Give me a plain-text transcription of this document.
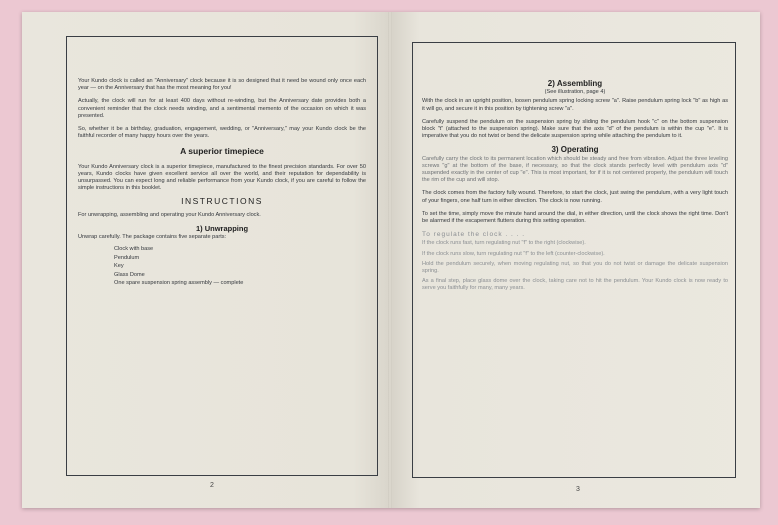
Your Kundo clock is called an "Anniversary" clock because it is so designed that it need be wound only once each year — on the Anniversary that has the most meaning for you!

Actually, the clock will run for at least 400 days without re-winding, but the Anniversary date provides both a convenient reminder that the clock needs winding, and a sentimental memento of the occasion on which it was presented.

So, whether it be a birthday, graduation, engagement, wedding, or "Anniversary," may your Kundo clock be the faithful recorder of many happy hours over the years.

A superior timepiece

Your Kundo Anniversary clock is a superior timepiece, manufactured to the finest precision standards. For over 50 years, Kundo clocks have given excellent service all over the world, and their reputation for dependability is unsurpassed. You can expect long and reliable performance from your Kundo clock, if you are careful to follow the simple instructions in this booklet.

INSTRUCTIONS

For unwrapping, assembling and operating your Kundo Anniversary clock.

1) Unwrapping

Unwrap carefully. The package contains five separate parts:

Clock with base
Pendulum
Key
Glass Dome
One spare suspension spring assembly — complete
2
2) Assembling
(See illustration, page 4)

With the clock in an upright position, loosen pendulum spring locking screw "a". Raise pendulum spring lock "b" as high as it will go, and secure it in this position by tightening screw "a".

Carefully suspend the pendulum on the suspension spring by sliding the pendulum hook "c" on the bottom suspension block "t" (attached to the suspension spring). Make sure that the axis "d" of the pendulum is within the cup "e". It is imperative that you do not twist or bend the delicate suspension spring while attaching the pendulum to it.

3) Operating

Carefully carry the clock to its permanent location which should be steady and free from vibration. Adjust the three leveling screws "g" at the bottom of the base, if necessary, so that the clock stands perfectly level with pendulum axis "d" suspended exactly in the center of cup "e". This is most important, for if it is not centered properly, the pendulum will touch the rim of the cup and will stop.

The clock comes from the factory fully wound. Therefore, to start the clock, just swing the pendulum, with a very light touch of your fingers, one half turn in either direction. The clock is now running.

To set the time, simply move the minute hand around the dial, in either direction, until the clock shows the right time. Don't be alarmed if the escapement flutters during this setting operation.

To regulate the clock . . . .

If the clock runs fast, turn regulating nut "f" to the right (clockwise).

If the clock runs slow, turn regulating nut "f" to the left (counter-clockwise).

Hold the pendulum securely, when moving regulating nut, so that you do not twist or damage the delicate suspension spring.

As a final step, place glass dome over the clock, taking care not to hit the pendulum. Your Kundo clock is now ready to serve you faithfully for many, many years.

3
